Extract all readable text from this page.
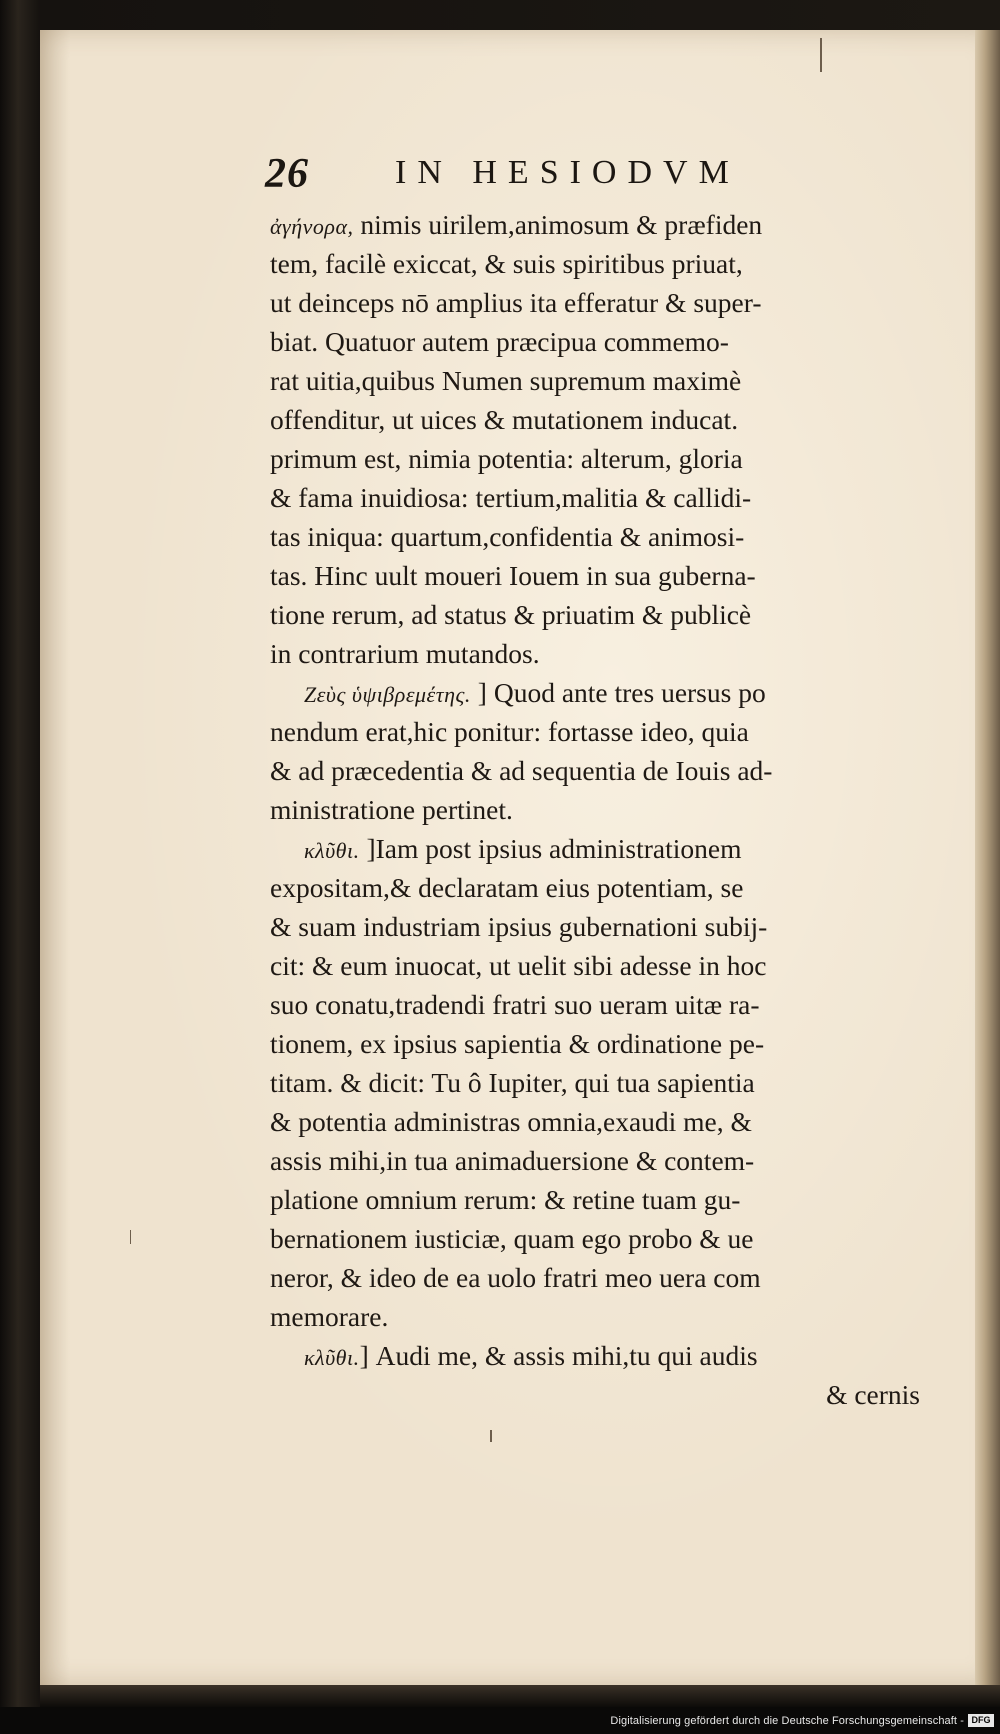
26	IN HESIODVM
ἀγήνορα, nimis uirilem,animosum & præfiden
tem, facilè exiccat, & suis spiritibus priuat,
ut deinceps nō amplius ita efferatur & super-
biat. Quatuor autem præcipua commemo-
rat uitia,quibus Numen supremum maximè
offenditur, ut uices & mutationem inducat.
primum est, nimia potentia: alterum, gloria
& fama inuidiosa: tertium,malitia & callidi-
tas iniqua: quartum,confidentia & animosi-
tas. Hinc uult moueri Iouem in sua guberna-
tione rerum, ad status & priuatim & publicè
in contrarium mutandos.
Ζεὺς ὑψιβρεμέτης. ] Quod ante tres uersus po
nendum erat,hic ponitur: fortasse ideo, quia
& ad præcedentia & ad sequentia de Iouis ad-
ministratione pertinet.
κλῦθι. ]Iam post ipsius administrationem
expositam,& declaratam eius potentiam, se
& suam industriam ipsius gubernationi subij-
cit: & eum inuocat, ut uelit sibi adesse in hoc
suo conatu,tradendi fratri suo ueram uitæ ra-
tionem, ex ipsius sapientia & ordinatione pe-
titam. & dicit: Tu ô Iupiter, qui tua sapientia
& potentia administras omnia,exaudi me, &
assis mihi,in tua animaduersione & contem-
platione omnium rerum: & retine tuam gu-
bernationem iusticiæ, quam ego probo & ue
neror, & ideo de ea uolo fratri meo uera com
memorare.
κλῦθι.] Audi me, & assis mihi,tu qui audis
& cernis
Digitalisierung gefördert durch die Deutsche Forschungsgemeinschaft - DFG
